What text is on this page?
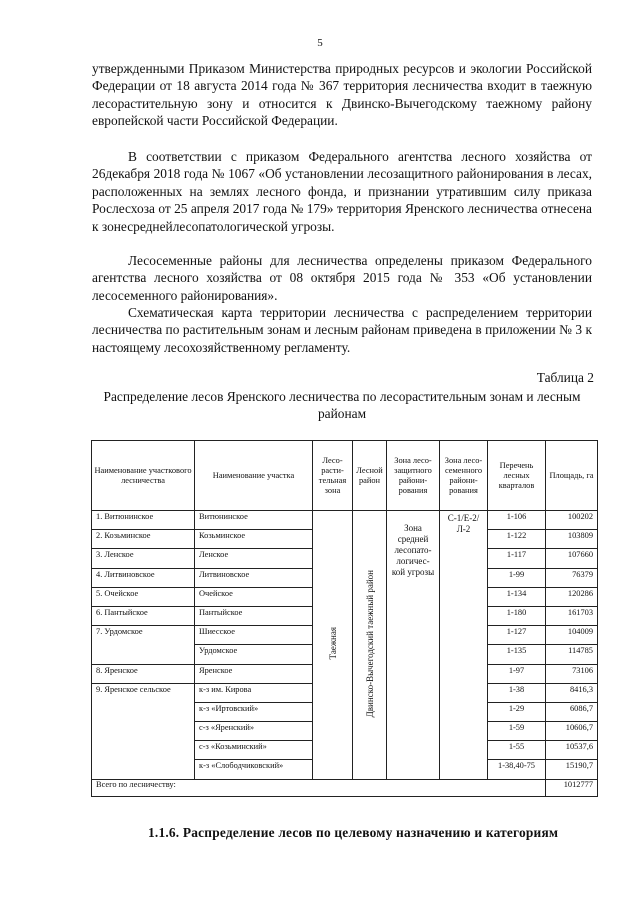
5

утвержденными Приказом Министерства природных ресурсов и экологии Российской Федерации от 18 августа 2014 года № 367 территория лесничества входит в таежную лесорастительную зону и относится к Двинско-Вычегодскому таежному району европейской части Российской Федерации.

В соответствии с приказом Федерального агентства лесного хозяйства от 26декабря 2018 года № 1067 «Об установлении лесозащитного районирования в лесах, расположенных на землях лесного фонда, и признании утратившим силу приказа Рослесхоза от 25 апреля 2017 года № 179» территория Яренского лесничества отнесена к зонесреднейлесопатологической угрозы.

Лесосеменные районы для лесничества определены приказом Федерального агентства лесного хозяйства от 08 октября 2015 года № 353 «Об установлении лесосеменного районирования».

Схематическая карта территории лесничества с распределением территории лесничества по растительным зонам и лесным районам приведена в приложении № 3 к настоящему лесохозяйственному регламенту.

Таблица 2
Распределение лесов Яренского лесничества по лесорастительным зонам и лесным районам
Наименование участкового лесничества	Наименование участка	Лесо-расти-тельная зона	Лесной район	Зона лесо-защитного райони-рования	Зона лесо-семенного райони-рования	Перечень лесных кварталов	Площадь, га
1. Витюнинское	Витюнинское	Таежная	Двинско-Вычегодский таежный район	Зона средней лесопато-логичес-кой угрозы	С-1/Е-2/Л-2	1-106	100202
2. Козьминское	Козьминское					1-122	103809
3. Ленское	Ленское					1-117	107660
4. Литвиновское	Литвиновское					1-99	76379
5. Очейское	Очейское					1-134	120286
6. Пантыйское	Пантыйское					1-180	161703
7. Урдомское	Шиесское					1-127	104009
	Урдомское					1-135	114785
8. Яренское	Яренское					1-97	73106
9. Яренское сельское	к-з им. Кирова					1-38	8416,3
	к-з «Иртовский»					1-29	6086,7
	с-з «Яренский»					1-59	10606,7
	с-з «Козьминский»					1-55	10537,6
	к-з «Слободчиковский»					1-38,40-75	15190,7
Всего по лесничеству:							1012777
1.1.6. Распределение лесов по целевому назначению и категориям
